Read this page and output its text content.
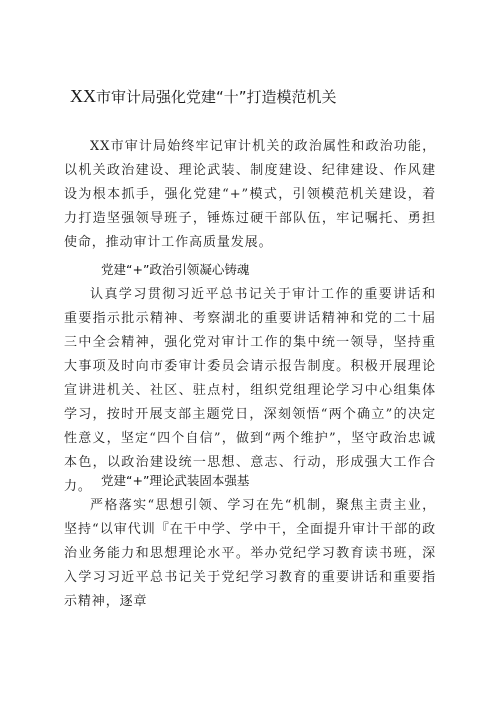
XX市审计局强化党建“十”打造模范机关

XX市审计局始终牢记审计机关的政治属性和政治功能，以机关政治建设、理论武装、制度建设、纪律建设、作风建设为根本抓手，强化党建“+”模式，引领模范机关建设，着力打造坚强领导班子，锤炼过硬干部队伍，牢记嘱托、勇担使命，推动审计工作高质量发展。

党建“+”政治引领凝心铸魂

认真学习贯彻习近平总书记关于审计工作的重要讲话和重要指示批示精神、考察湖北的重要讲话精神和党的二十届三中全会精神，强化党对审计工作的集中统一领导，坚持重大事项及时向市委审计委员会请示报告制度。积极开展理论宣讲进机关、社区、驻点村，组织党组理论学习中心组集体学习，按时开展支部主题党日，深刻领悟“两个确立”的决定性意义，坚定“四个自信”，做到“两个维护”，坚守政治忠诚本色，以政治建设统一思想、意志、行动，形成强大工作合力。 党建“+”理论武装固本强基

严格落实“思想引领、学习在先“机制，聚焦主责主业，坚持“以审代训『在干中学、学中干，全面提升审计干部的政治业务能力和思想理论水平。举办党纪学习教育读书班，深入学习习近平总书记关于党纪学习教育的重要讲话和重要指示精神，逐章
